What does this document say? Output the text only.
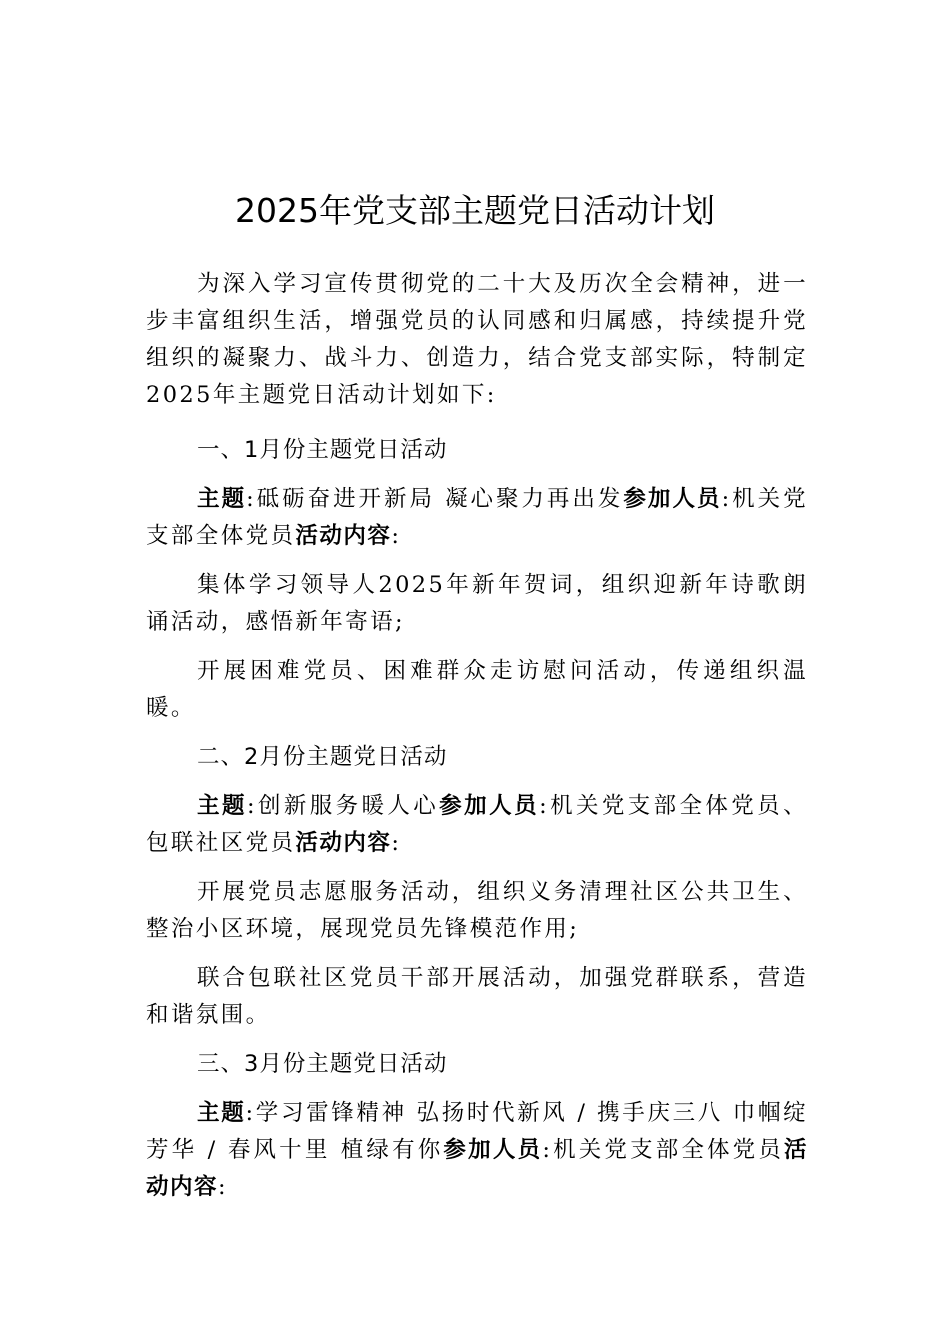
2025年党支部主题党日活动计划

为深入学习宣传贯彻党的二十大及历次全会精神，进一步丰富组织生活，增强党员的认同感和归属感，持续提升党组织的凝聚力、战斗力、创造力，结合党支部实际，特制定2025年主题党日活动计划如下:

一、1月份主题党日活动

主题:砥砺奋进开新局 凝心聚力再出发参加人员:机关党支部全体党员活动内容:

集体学习领导人2025年新年贺词，组织迎新年诗歌朗诵活动，感悟新年寄语;

开展困难党员、困难群众走访慰问活动，传递组织温暖。

二、2月份主题党日活动

主题:创新服务暖人心参加人员:机关党支部全体党员、包联社区党员活动内容:

开展党员志愿服务活动，组织义务清理社区公共卫生、整治小区环境，展现党员先锋模范作用;

联合包联社区党员干部开展活动，加强党群联系，营造和谐氛围。

三、3月份主题党日活动

主题:学习雷锋精神 弘扬时代新风 / 携手庆三八 巾帼绽芳华 / 春风十里 植绿有你参加人员:机关党支部全体党员活动内容:
